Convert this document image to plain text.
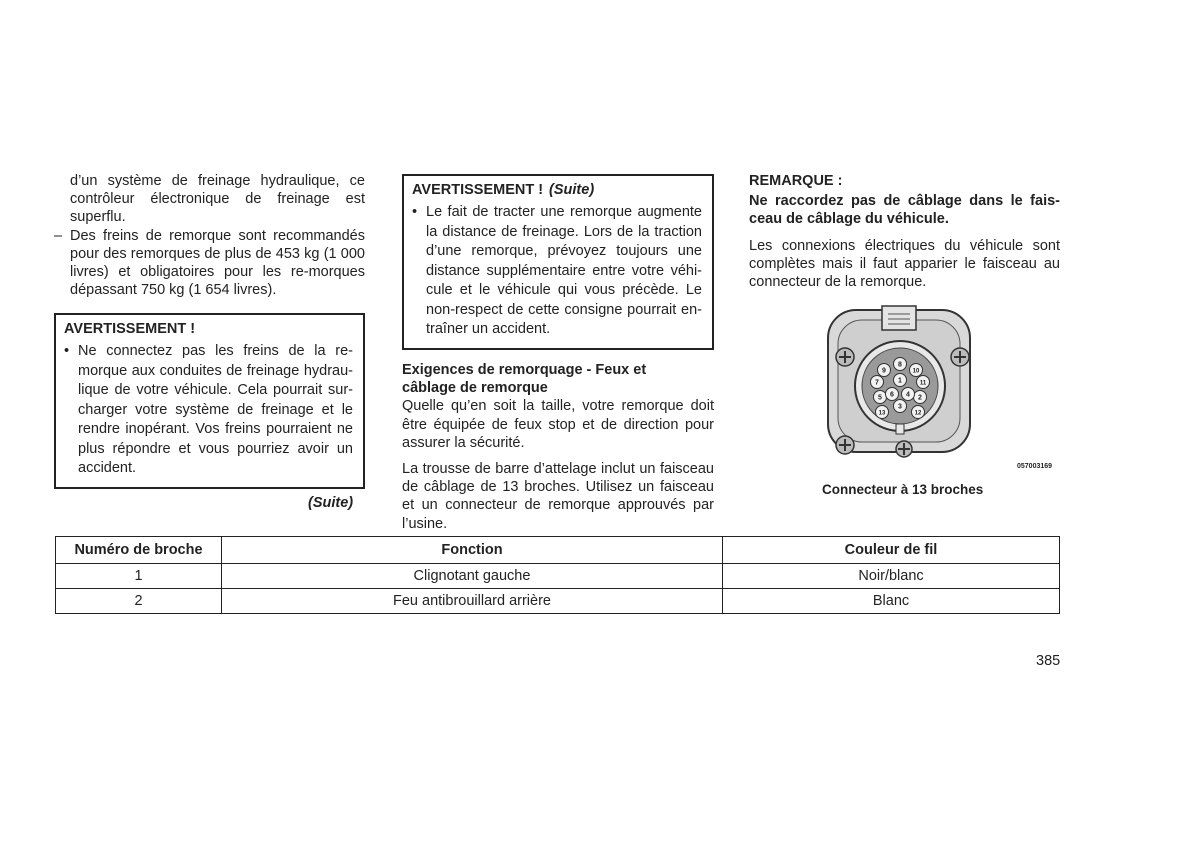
d’un système de freinage hydraulique, ce contrôleur électronique de freinage est superflu.

– Des freins de remorque sont recommandés pour des remorques de plus de 453 kg (1 000 livres) et obligatoires pour les re-morques dépassant 750 kg (1 654 livres).
AVERTISSEMENT !
• Ne connectez pas les freins de la re-morque aux conduites de freinage hydrau-lique de votre véhicule. Cela pourrait sur-charger votre système de freinage et le rendre inopérant. Vos freins pourraient ne plus répondre et vous pourriez avoir un accident.
(Suite)
AVERTISSEMENT ! (Suite)
• Le fait de tracter une remorque augmente la distance de freinage. Lors de la traction d’une remorque, prévoyez toujours une distance supplémentaire entre votre véhi-cule et le véhicule qui vous précède. Le non-respect de cette consigne pourrait en-traîner un accident.

Exigences de remorquage - Feux et
câblage de remorque

Quelle qu’en soit la taille, votre remorque doit être équipée de feux stop et de direction pour assurer la sécurité.

La trousse de barre d’attelage inclut un faisceau de câblage de 13 broches. Utilisez un faisceau et un connecteur de remorque approuvés par l’usine.

REMARQUE :

Ne raccordez pas de câblage dans le fais-ceau de câblage du véhicule.

Les connexions électriques du véhicule sont complètes mais il faut apparier le faisceau au connecteur de la remorque.

1
2
3
4
5 6
7
8
9	10
11
12
13
057003169
Connecteur à 13 broches
Numéro de broche	Fonction	Couleur de fil
1	Clignotant gauche	Noir/blanc
2	Feu antibrouillard arrière	Blanc
385
